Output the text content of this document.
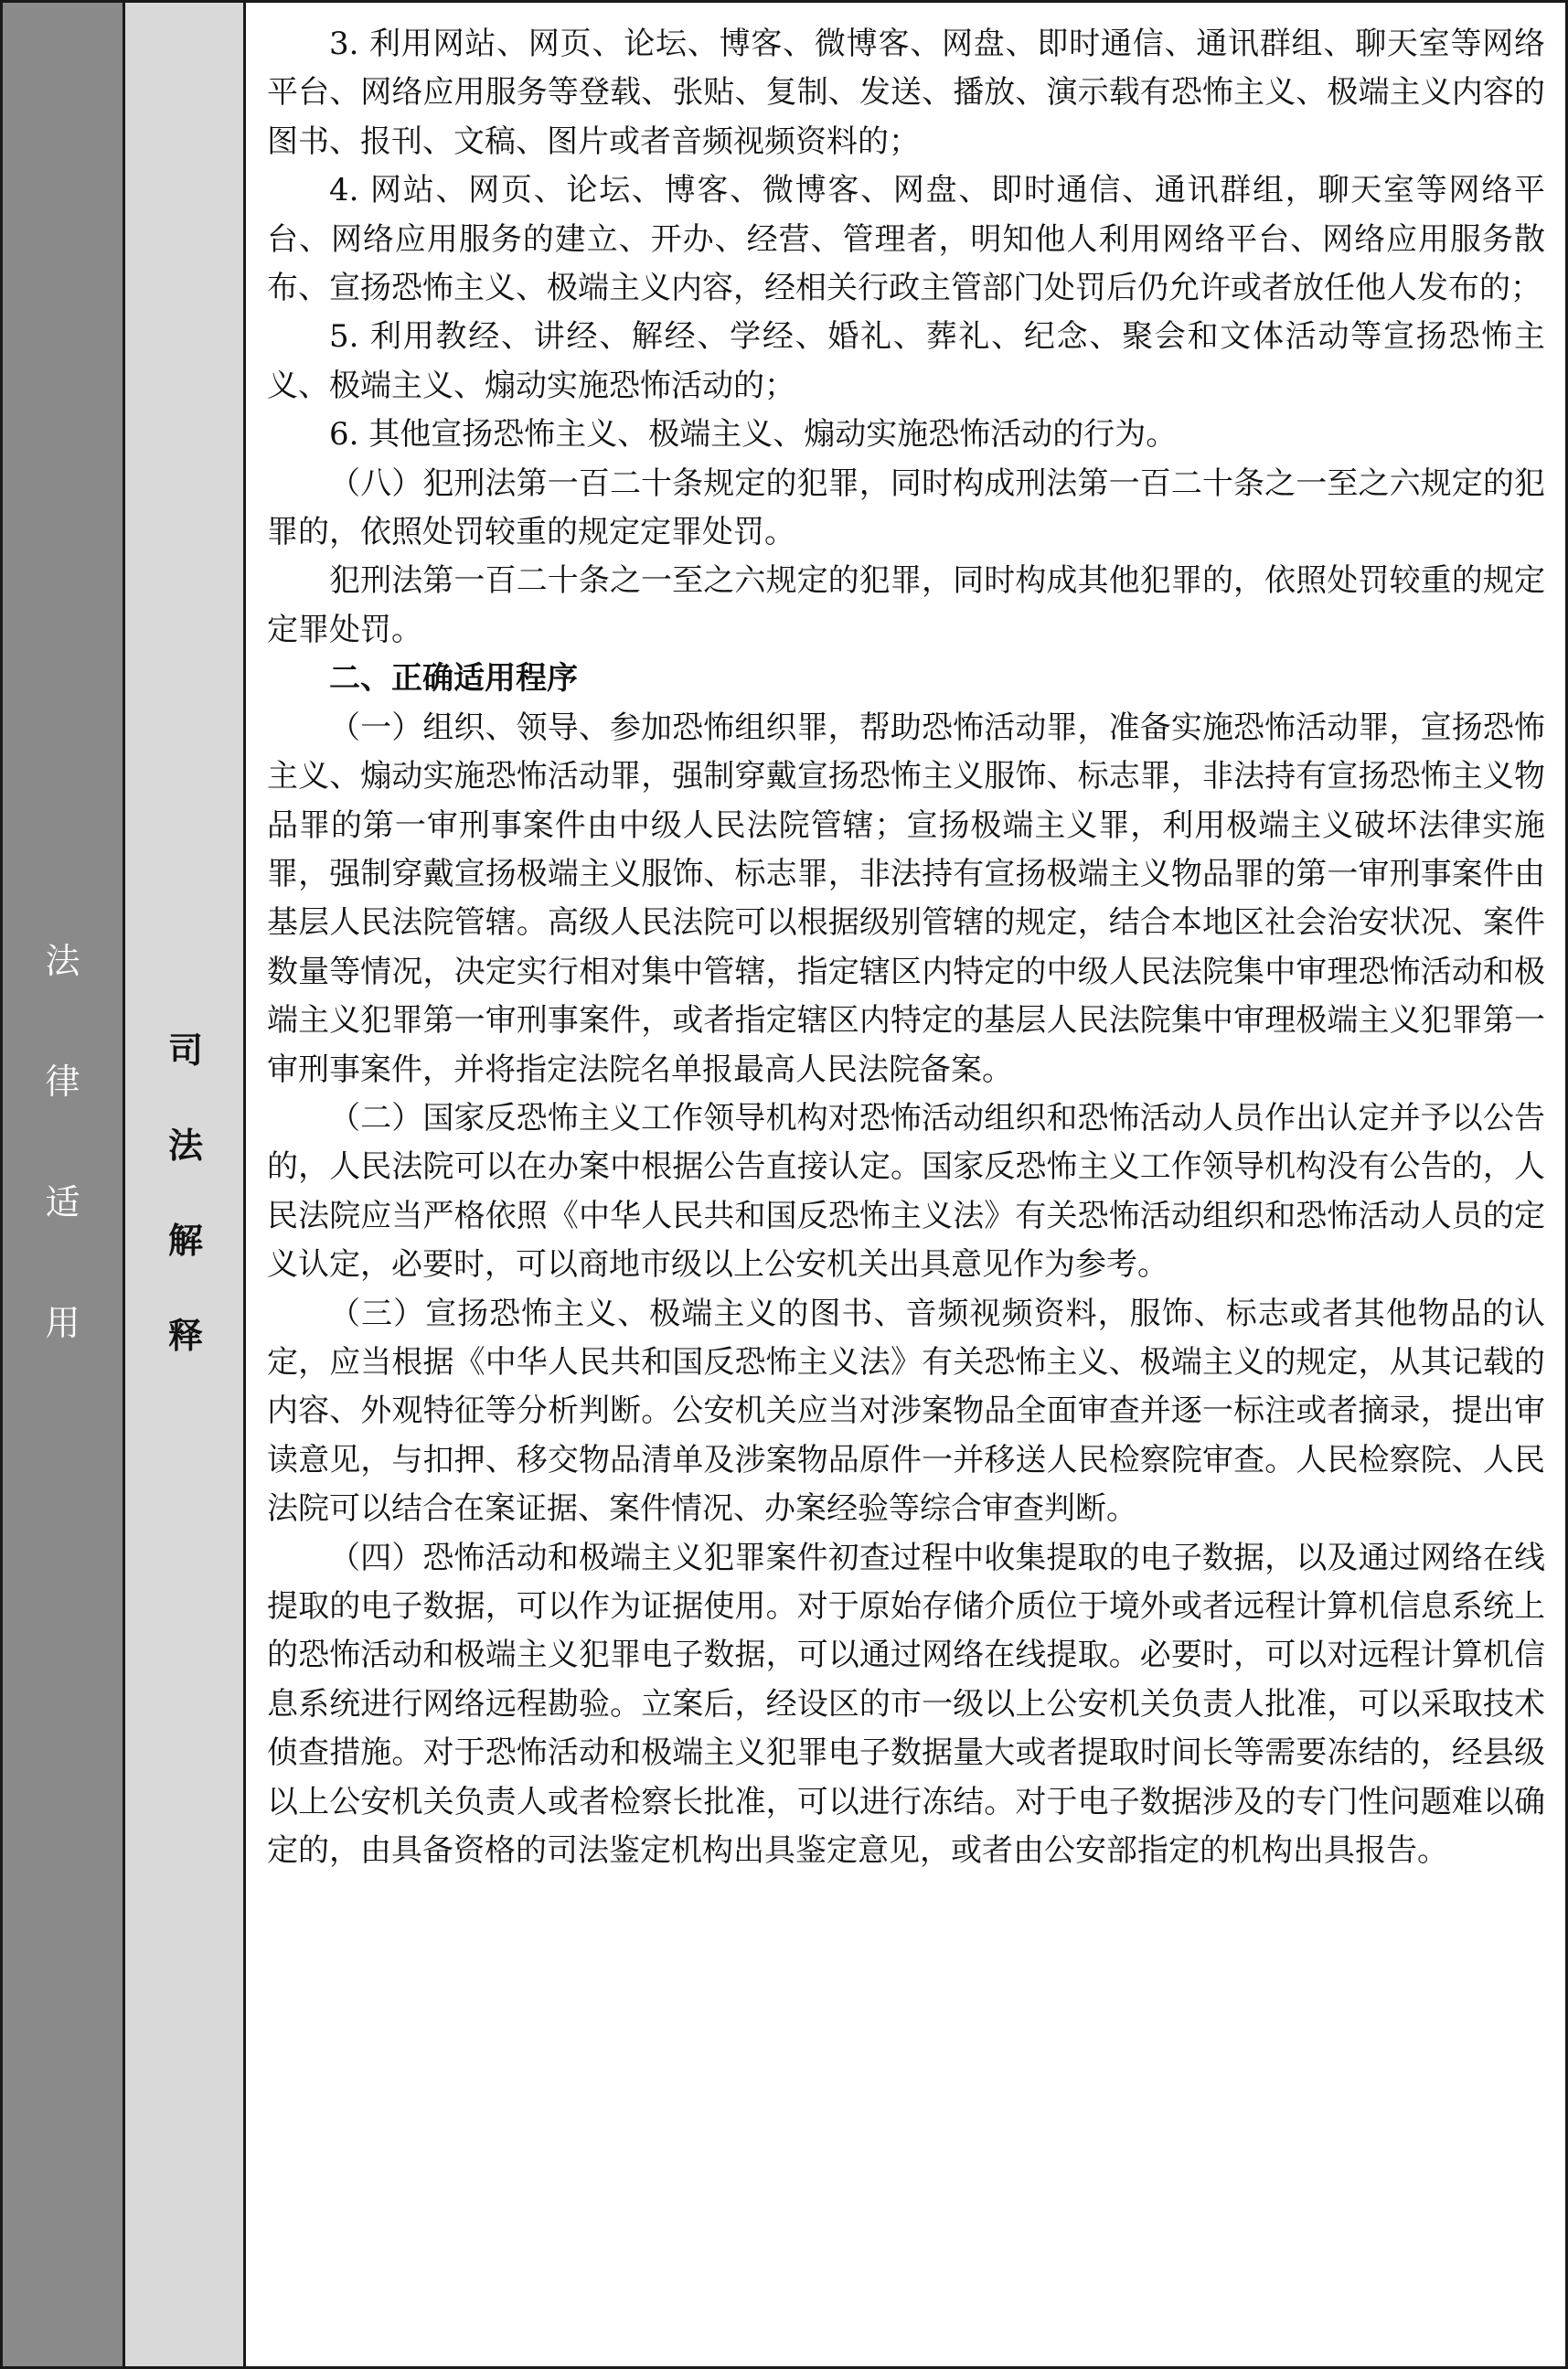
法
律
适
用
司
法
解
释

3. 利用网站、网页、论坛、博客、微博客、网盘、即时通信、通讯群组、聊天室等网络平台、网络应用服务等登载、张贴、复制、发送、播放、演示载有恐怖主义、极端主义内容的图书、报刊、文稿、图片或者音频视频资料的；

4. 网站、网页、论坛、博客、微博客、网盘、即时通信、通讯群组，聊天室等网络平台、网络应用服务的建立、开办、经营、管理者，明知他人利用网络平台、网络应用服务散布、宣扬恐怖主义、极端主义内容，经相关行政主管部门处罚后仍允许或者放任他人发布的；

5. 利用教经、讲经、解经、学经、婚礼、葬礼、纪念、聚会和文体活动等宣扬恐怖主义、极端主义、煽动实施恐怖活动的；

6. 其他宣扬恐怖主义、极端主义、煽动实施恐怖活动的行为。

（八）犯刑法第一百二十条规定的犯罪，同时构成刑法第一百二十条之一至之六规定的犯罪的，依照处罚较重的规定定罪处罚。

犯刑法第一百二十条之一至之六规定的犯罪，同时构成其他犯罪的，依照处罚较重的规定定罪处罚。

二、正确适用程序

（一）组织、领导、参加恐怖组织罪，帮助恐怖活动罪，准备实施恐怖活动罪，宣扬恐怖主义、煽动实施恐怖活动罪，强制穿戴宣扬恐怖主义服饰、标志罪，非法持有宣扬恐怖主义物品罪的第一审刑事案件由中级人民法院管辖；宣扬极端主义罪，利用极端主义破坏法律实施罪，强制穿戴宣扬极端主义服饰、标志罪，非法持有宣扬极端主义物品罪的第一审刑事案件由基层人民法院管辖。高级人民法院可以根据级别管辖的规定，结合本地区社会治安状况、案件数量等情况，决定实行相对集中管辖，指定辖区内特定的中级人民法院集中审理恐怖活动和极端主义犯罪第一审刑事案件，或者指定辖区内特定的基层人民法院集中审理极端主义犯罪第一审刑事案件，并将指定法院名单报最高人民法院备案。

（二）国家反恐怖主义工作领导机构对恐怖活动组织和恐怖活动人员作出认定并予以公告的，人民法院可以在办案中根据公告直接认定。国家反恐怖主义工作领导机构没有公告的，人民法院应当严格依照《中华人民共和国反恐怖主义法》有关恐怖活动组织和恐怖活动人员的定义认定，必要时，可以商地市级以上公安机关出具意见作为参考。

（三）宣扬恐怖主义、极端主义的图书、音频视频资料，服饰、标志或者其他物品的认定，应当根据《中华人民共和国反恐怖主义法》有关恐怖主义、极端主义的规定，从其记载的内容、外观特征等分析判断。公安机关应当对涉案物品全面审查并逐一标注或者摘录，提出审读意见，与扣押、移交物品清单及涉案物品原件一并移送人民检察院审查。人民检察院、人民法院可以结合在案证据、案件情况、办案经验等综合审查判断。

（四）恐怖活动和极端主义犯罪案件初查过程中收集提取的电子数据，以及通过网络在线提取的电子数据，可以作为证据使用。对于原始存储介质位于境外或者远程计算机信息系统上的恐怖活动和极端主义犯罪电子数据，可以通过网络在线提取。必要时，可以对远程计算机信息系统进行网络远程勘验。立案后，经设区的市一级以上公安机关负责人批准，可以采取技术侦查措施。对于恐怖活动和极端主义犯罪电子数据量大或者提取时间长等需要冻结的，经县级以上公安机关负责人或者检察长批准，可以进行冻结。对于电子数据涉及的专门性问题难以确定的，由具备资格的司法鉴定机构出具鉴定意见，或者由公安部指定的机构出具报告。
